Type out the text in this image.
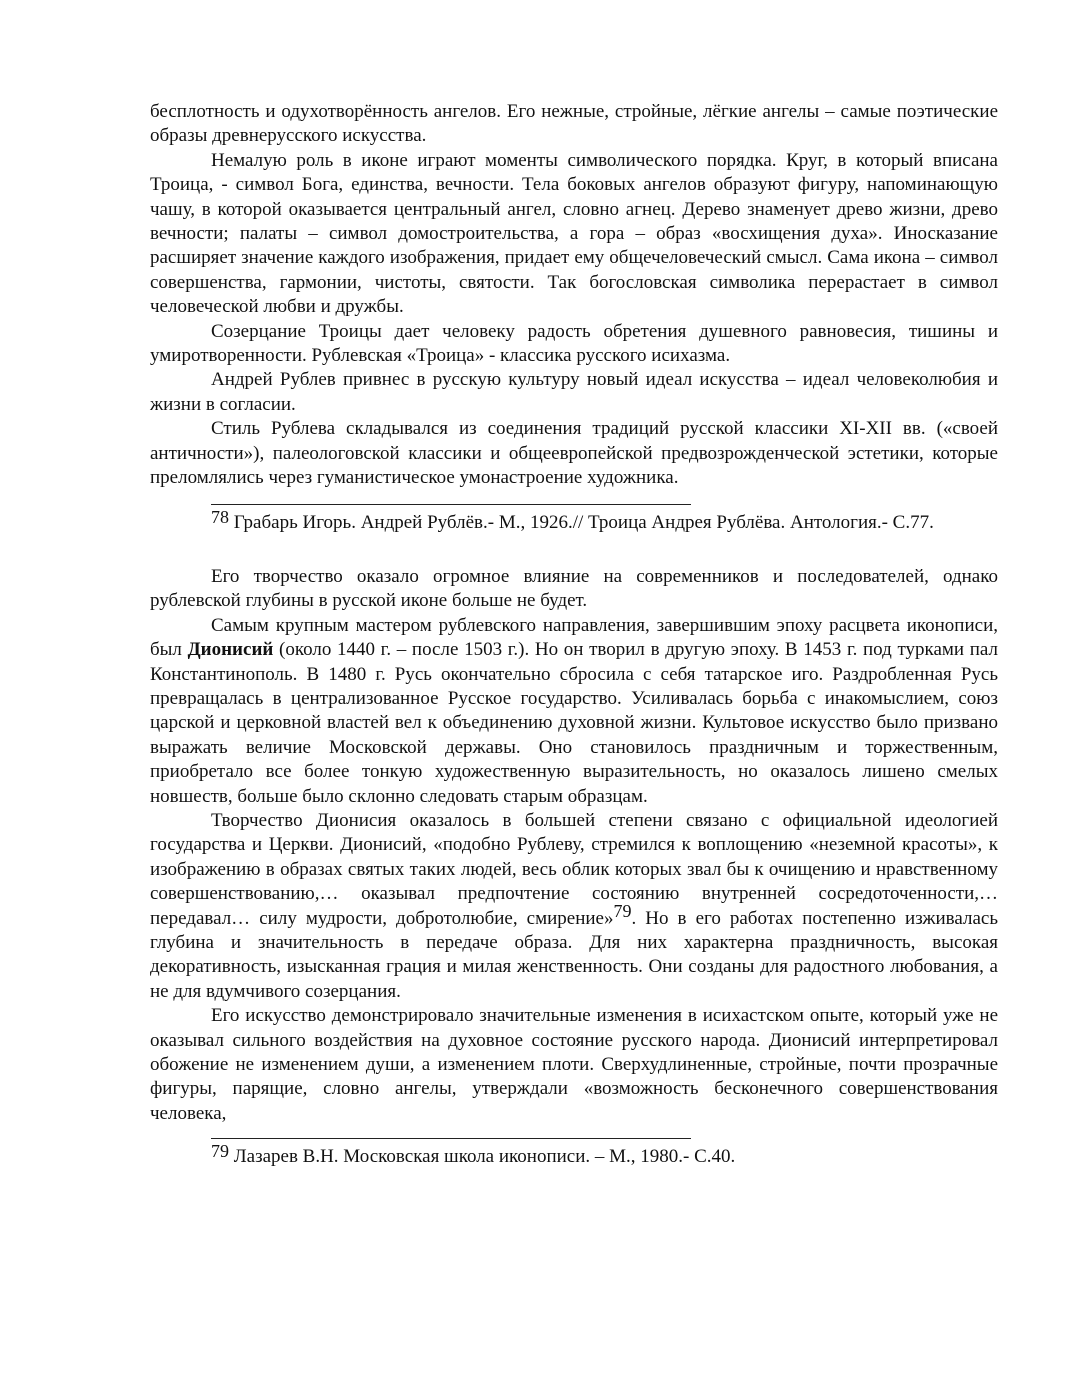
бесплотность и одухотворённость ангелов. Его нежные, стройные, лёгкие ангелы – самые поэтические образы древнерусского искусства.

Немалую роль в иконе играют моменты символического порядка. Круг, в который вписана Троица, - символ Бога, единства, вечности. Тела боковых ангелов образуют фигуру, напоминающую чашу, в которой оказывается центральный ангел, словно агнец. Дерево знаменует древо жизни, древо вечности; палаты – символ домостроительства, а гора – образ «восхищения духа». Иносказание расширяет значение каждого изображения, придает ему общечеловеческий смысл. Сама икона – символ совершенства, гармонии, чистоты, святости. Так богословская символика перерастает в символ человеческой любви и дружбы.

Созерцание Троицы дает человеку радость обретения душевного равновесия, тишины и умиротворенности. Рублевская «Троица» - классика русского исихазма.

Андрей Рублев привнес в русскую культуру новый идеал искусства – идеал человеколюбия и жизни в согласии.

Стиль Рублева складывался из соединения традиций русской классики XI-XII вв. («своей античности»), палеологовской классики и общеевропейской предвозрожденческой эстетики, которые преломлялись через гуманистическое умонастроение художника.

78 Грабарь Игорь. Андрей Рублёв.- М., 1926.// Троица Андрея Рублёва. Антология.- С.77.

Его творчество оказало огромное влияние на современников и последователей, однако рублевской глубины в русской иконе больше не будет.

Самым крупным мастером рублевского направления, завершившим эпоху расцвета иконописи, был Дионисий (около 1440 г. – после 1503 г.). Но он творил в другую эпоху. В 1453 г. под турками пал Константинополь. В 1480 г. Русь окончательно сбросила с себя татарское иго. Раздробленная Русь превращалась в централизованное Русское государство. Усиливалась борьба с инакомыслием, союз царской и церковной властей вел к объединению духовной жизни. Культовое искусство было призвано выражать величие Московской державы. Оно становилось праздничным и торжественным, приобретало все более тонкую художественную выразительность, но оказалось лишено смелых новшеств, больше было склонно следовать старым образцам.

Творчество Дионисия оказалось в большей степени связано с официальной идеологией государства и Церкви. Дионисий, «подобно Рублеву, стремился к воплощению «неземной красоты», к изображению в образах святых таких людей, весь облик которых звал бы к очищению и нравственному совершенствованию,… оказывал предпочтение состоянию внутренней сосредоточенности,… передавал… силу мудрости, добротолюбие, смирение»79. Но в его работах постепенно изживалась глубина и значительность в передаче образа. Для них характерна праздничность, высокая декоративность, изысканная грация и милая женственность. Они созданы для радостного любования, а не для вдумчивого созерцания.

Его искусство демонстрировало значительные изменения в исихастском опыте, который уже не оказывал сильного воздействия на духовное состояние русского народа. Дионисий интерпретировал обожение не изменением души, а изменением плоти. Сверхудлиненные, стройные, почти прозрачные фигуры, парящие, словно ангелы, утверждали «возможность бесконечного совершенствования человека,

79 Лазарев В.Н. Московская школа иконописи. – М., 1980.- С.40.
